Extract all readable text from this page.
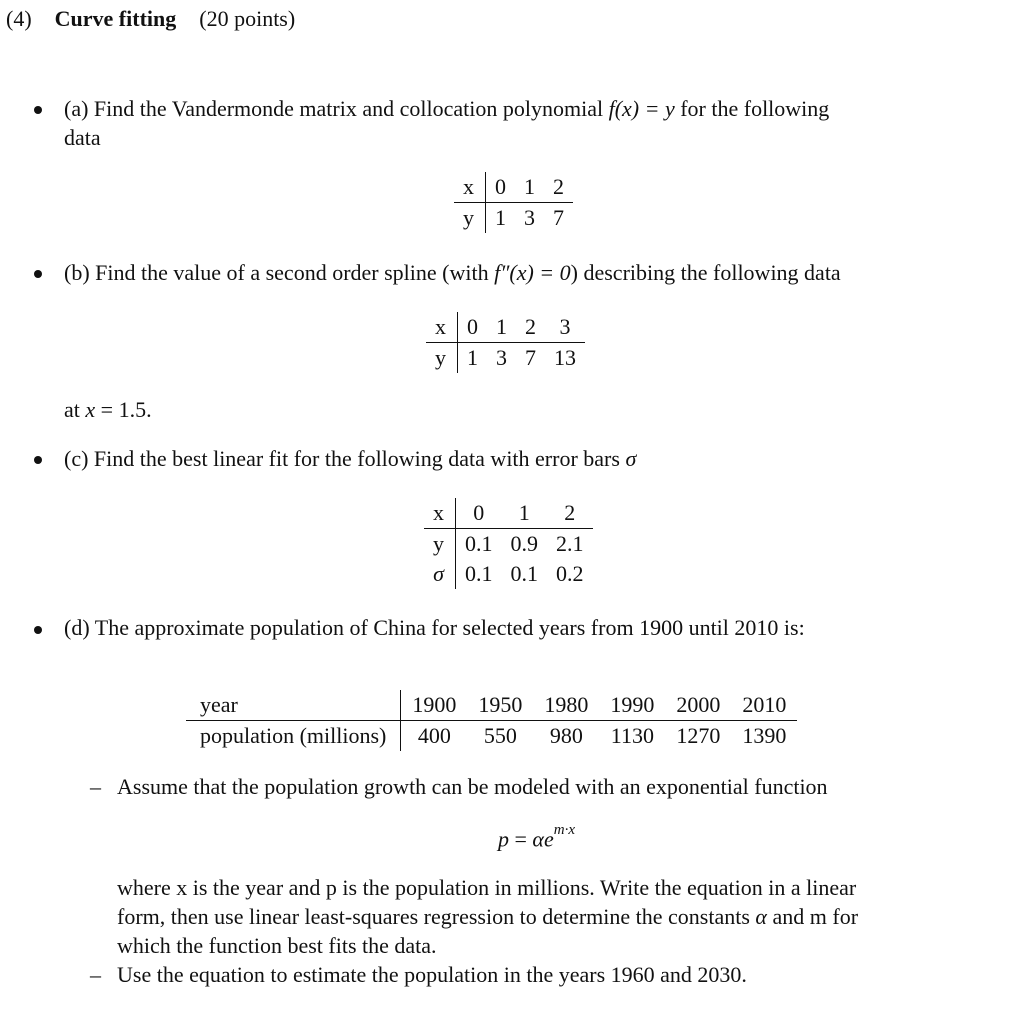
(4) Curve fitting (20 points)
(a) Find the Vandermonde matrix and collocation polynomial f(x) = y for the following
data
x	0	1	2
y	1	3	7
(b) Find the value of a second order spline (with f″(x) = 0) describing the following data
x	0	1	2	3
y	1	3	7	13
at x = 1.5.
(c) Find the best linear fit for the following data with error bars σ
x	0	1	2
y	0.1	0.9	2.1
σ	0.1	0.1	0.2
(d) The approximate population of China for selected years from 1900 until 2010 is:
year	1900	1950	1980	1990	2000	2010
population (millions)	400	550	980	1130	1270	1390
– Assume that the population growth can be modeled with an exponential function
$p = \alpha e^{m\cdot x}$
where x is the year and p is the population in millions. Write the equation in a linear
form, then use linear least-squares regression to determine the constants α and m for
which the function best fits the data.
– Use the equation to estimate the population in the years 1960 and 2030.
